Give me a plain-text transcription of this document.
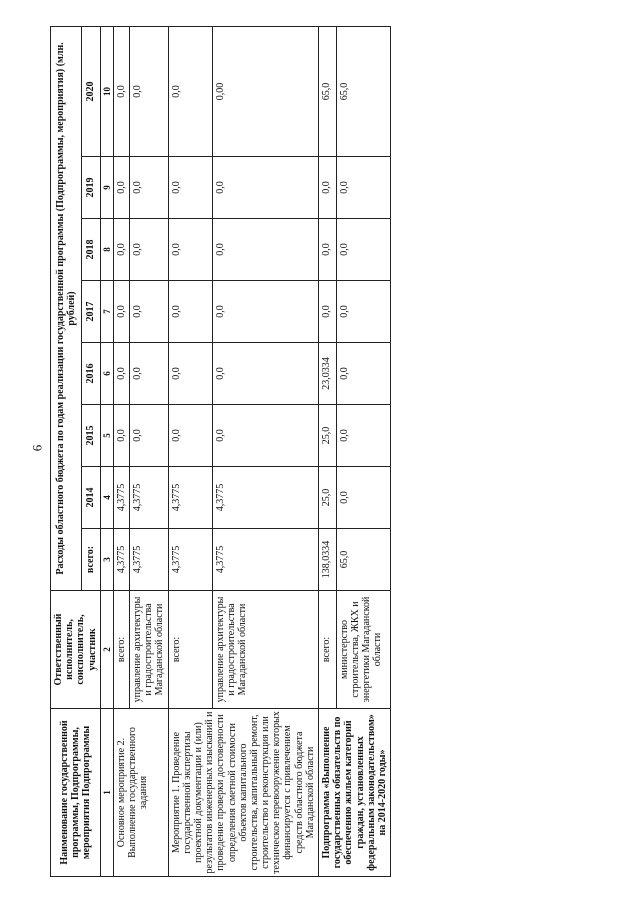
6
Наименование государственной программы, Подпрограммы, мероприятия Подпрограммы	Ответственный исполнитель, соисполнитель, участник	Расходы областного бюджета по годам реализации государственной программы (Подпрограммы, мероприятия) (млн. рублей)							
		всего:	2014	2015	2016	2017	2018	2019	2020
1	2	3	4	5	6	7	8	9	10
Основное мероприятие 2. Выполнение государственного задания	всего:	4,3775	4,3775	0,0	0,0	0,0	0,0	0,0	0,0
	управление архитектуры и градостроительства Магаданской области	4,3775	4,3775	0,0	0,0	0,0	0,0	0,0	0,0
Мероприятие 1. Проведение государственной экспертизы проектной документации и (или) результатов инженерных изысканий и проведение проверки достоверности определения сметной стоимости объектов капитального строительства, капитальный ремонт, строительство и реконструкция или техническое перевооружение которых финансируется с привлечением средств областного бюджета Магаданской области	всего:	4,3775	4,3775	0,0	0,0	0,0	0,0	0,0	0,0
	управление архитектуры и градостроительства Магаданской области	4,3775	4,3775	0,0	0,0	0,0	0,0	0,0	0,00
Подпрограмма «Выполнение государственных обязательств по обеспечению жильем категорий граждан, установленных федеральным законодательством» на 2014-2020 годы»	всего:	138,0334	25,0	25,0	23,0334	0,0	0,0	0,0	65,0
	министерство строительства, ЖКХ и энергетики Магаданской области	65,0	0,0	0,0	0,0	0,0	0,0	0,0	65,0
